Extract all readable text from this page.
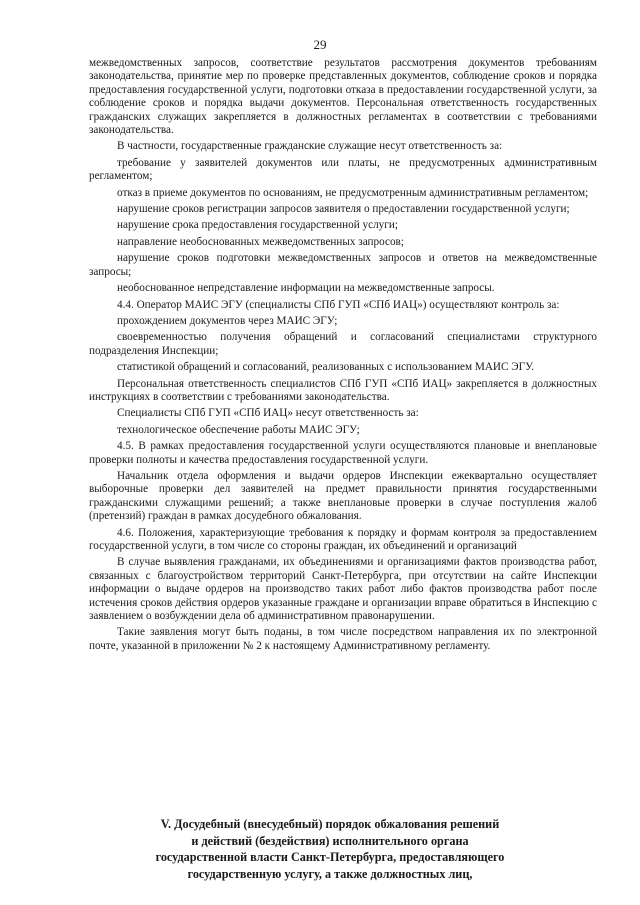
29

межведомственных запросов, соответствие результатов рассмотрения документов требованиям законодательства, принятие мер по проверке представленных документов, соблюдение сроков и порядка предоставления государственной услуги, подготовки отказа в предоставлении государственной услуги, за соблюдение сроков и порядка выдачи документов. Персональная ответственность государственных гражданских служащих закрепляется в должностных регламентах в соответствии с требованиями законодательства.

В частности, государственные гражданские служащие несут ответственность за:

требование у заявителей документов или платы, не предусмотренных административным регламентом;

отказ в приеме документов по основаниям, не предусмотренным административным регламентом;

нарушение сроков регистрации запросов заявителя о предоставлении государственной услуги;

нарушение срока предоставления государственной услуги;

направление необоснованных межведомственных запросов;

нарушение сроков подготовки межведомственных запросов и ответов на межведомственные запросы;

необоснованное непредставление информации на межведомственные запросы.

4.4. Оператор МАИС ЭГУ (специалисты СПб ГУП «СПб ИАЦ») осуществляют контроль за:

прохождением документов через МАИС ЭГУ;

своевременностью получения обращений и согласований специалистами структурного подразделения Инспекции;

статистикой обращений и согласований, реализованных с использованием МАИС ЭГУ.

Персональная ответственность специалистов СПб ГУП «СПб ИАЦ» закрепляется в должностных инструкциях в соответствии с требованиями законодательства.

Специалисты СПб ГУП «СПб ИАЦ» несут ответственность за:

технологическое обеспечение работы МАИС ЭГУ;

4.5. В рамках предоставления государственной услуги осуществляются плановые и внеплановые проверки полноты и качества предоставления государственной услуги.

Начальник отдела оформления и выдачи ордеров Инспекции ежеквартально осуществляет выборочные проверки дел заявителей на предмет правильности принятия государственными гражданскими служащими решений; а также внеплановые проверки в случае поступления жалоб (претензий) граждан в рамках досудебного обжалования.

4.6. Положения, характеризующие требования к порядку и формам контроля за предоставлением государственной услуги, в том числе со стороны граждан, их объединений и организаций

В случае выявления гражданами, их объединениями и организациями фактов производства работ, связанных с благоустройством территорий Санкт-Петербурга, при отсутствии на сайте Инспекции информации о выдаче ордеров на производство таких работ либо фактов производства работ после истечения сроков действия ордеров указанные граждане и организации вправе обратиться в Инспекцию с заявлением о возбуждении дела об административном правонарушении.

Такие заявления могут быть поданы, в том числе посредством направления их по электронной почте, указанной в приложении № 2 к настоящему Административному регламенту.

V. Досудебный (внесудебный) порядок обжалования решений
и действий (бездействия) исполнительного органа
государственной власти Санкт-Петербурга, предоставляющего
государственную услугу, а также должностных лиц,
